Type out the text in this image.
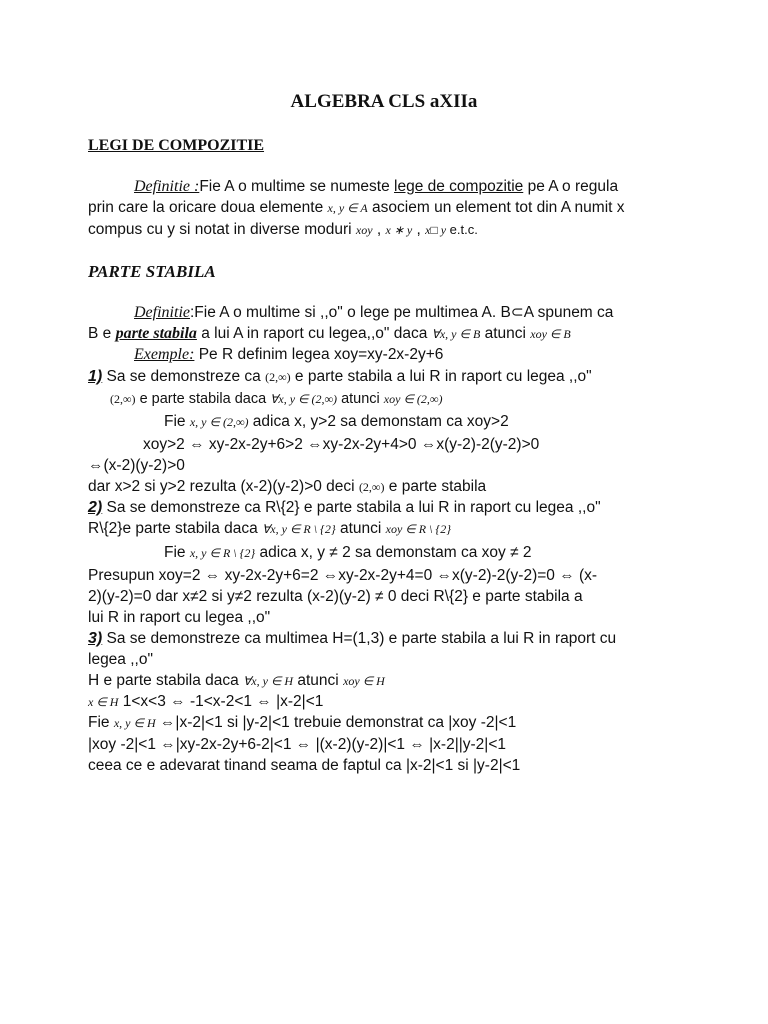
ALGEBRA CLS aXIIa
LEGI DE COMPOZITIE
Definitie :Fie A o multime se numeste lege de compozitie pe A o regula
prin care la oricare doua elemente x, y ∈ A asociem un element tot din A numit x
compus cu y si notat in diverse moduri xoy , x ∗ y , x□ y e.t.c.
PARTE STABILA
Definitie:Fie A o multime si ,,o" o lege pe multimea A. B⊂A spunem ca
B e parte stabila a lui A in raport cu legea,,o" daca ∀x, y ∈ B atunci xoy ∈ B
Exemple: Pe R definim legea xoy=xy-2x-2y+6
1) Sa se demonstreze ca (2,∞) e parte stabila a lui R in raport cu legea ,,o"
(2,∞) e parte stabila daca ∀x, y ∈ (2,∞) atunci xoy ∈ (2,∞)
Fie x, y ∈ (2,∞) adica x, y>2 sa demonstam ca xoy>2
xoy>2 ⇔ xy-2x-2y+6>2 ⇔xy-2x-2y+4>0 ⇔x(y-2)-2(y-2)>0
⇔(x-2)(y-2)>0
dar x>2 si y>2 rezulta (x-2)(y-2)>0 deci (2,∞) e parte stabila
2) Sa se demonstreze ca R\{2} e parte stabila a lui R in raport cu legea ,,o"
R\{2}e parte stabila daca ∀x, y ∈ R \ {2} atunci xoy ∈ R \ {2}
Fie x, y ∈ R \ {2} adica x, y ≠ 2 sa demonstam ca xoy ≠ 2
Presupun xoy=2 ⇔ xy-2x-2y+6=2 ⇔xy-2x-2y+4=0 ⇔x(y-2)-2(y-2)=0 ⇔ (x-
2)(y-2)=0 dar x≠2 si y≠2 rezulta (x-2)(y-2) ≠ 0 deci R\{2} e parte stabila a
lui R in raport cu legea ,,o"
3) Sa se demonstreze ca multimea H=(1,3) e parte stabila a lui R in raport cu
legea ,,o"
H e parte stabila daca ∀x, y ∈ H atunci xoy ∈ H
x ∈ H 1<x<3 ⇔ -1<x-2<1 ⇔ |x-2|<1
Fie x, y ∈ H ⇔|x-2|<1 si |y-2|<1 trebuie demonstrat ca |xoy -2|<1
|xoy -2|<1 ⇔|xy-2x-2y+6-2|<1 ⇔ |(x-2)(y-2)|<1 ⇔ |x-2||y-2|<1
ceea ce e adevarat tinand seama de faptul ca |x-2|<1 si |y-2|<1
